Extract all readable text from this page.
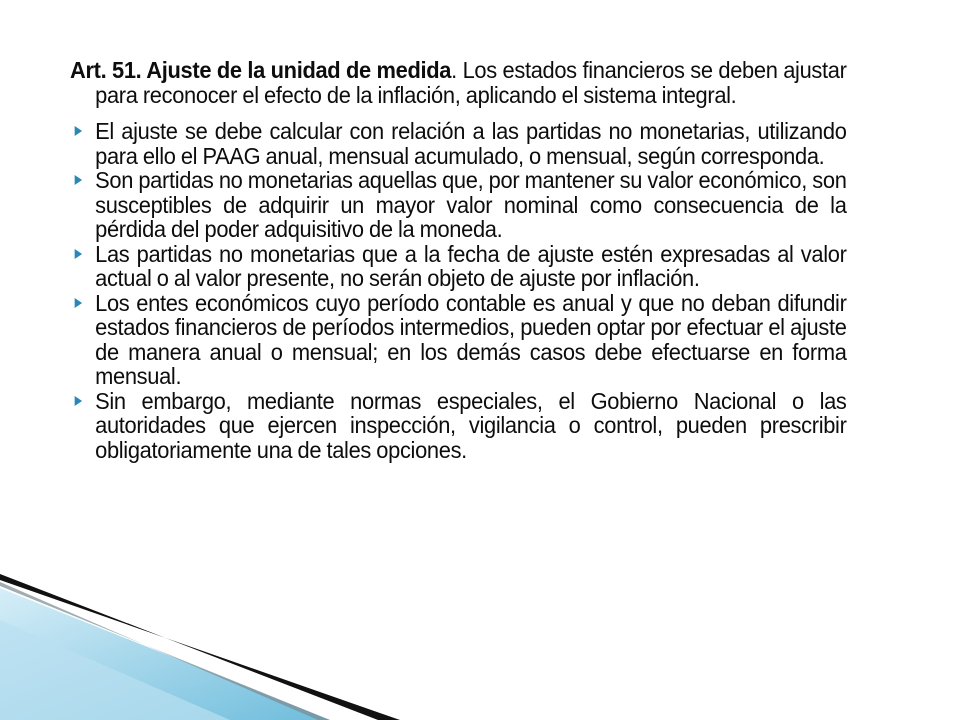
Art. 51. Ajuste de la unidad de medida. Los estados financieros se deben ajustar para reconocer el efecto de la inflación, aplicando el sistema integral.

El ajuste se debe calcular con relación a las partidas no monetarias, utilizando para ello el PAAG anual, mensual acumulado, o mensual, según corresponda.

Son partidas no monetarias aquellas que, por mantener su valor económico, son susceptibles de adquirir un mayor valor nominal como consecuencia de la pérdida del poder adquisitivo de la moneda.

Las partidas no monetarias que a la fecha de ajuste estén expresadas al valor actual o al valor presente, no serán objeto de ajuste por inflación.

Los entes económicos cuyo período contable es anual y que no deban difundir estados financieros de períodos intermedios, pueden optar por efectuar el ajuste de manera anual o mensual; en los demás casos debe efectuarse en forma mensual.

Sin embargo, mediante normas especiales, el Gobierno Nacional o las autoridades que ejercen inspección, vigilancia o control, pueden prescribir obligatoriamente una de tales opciones.
